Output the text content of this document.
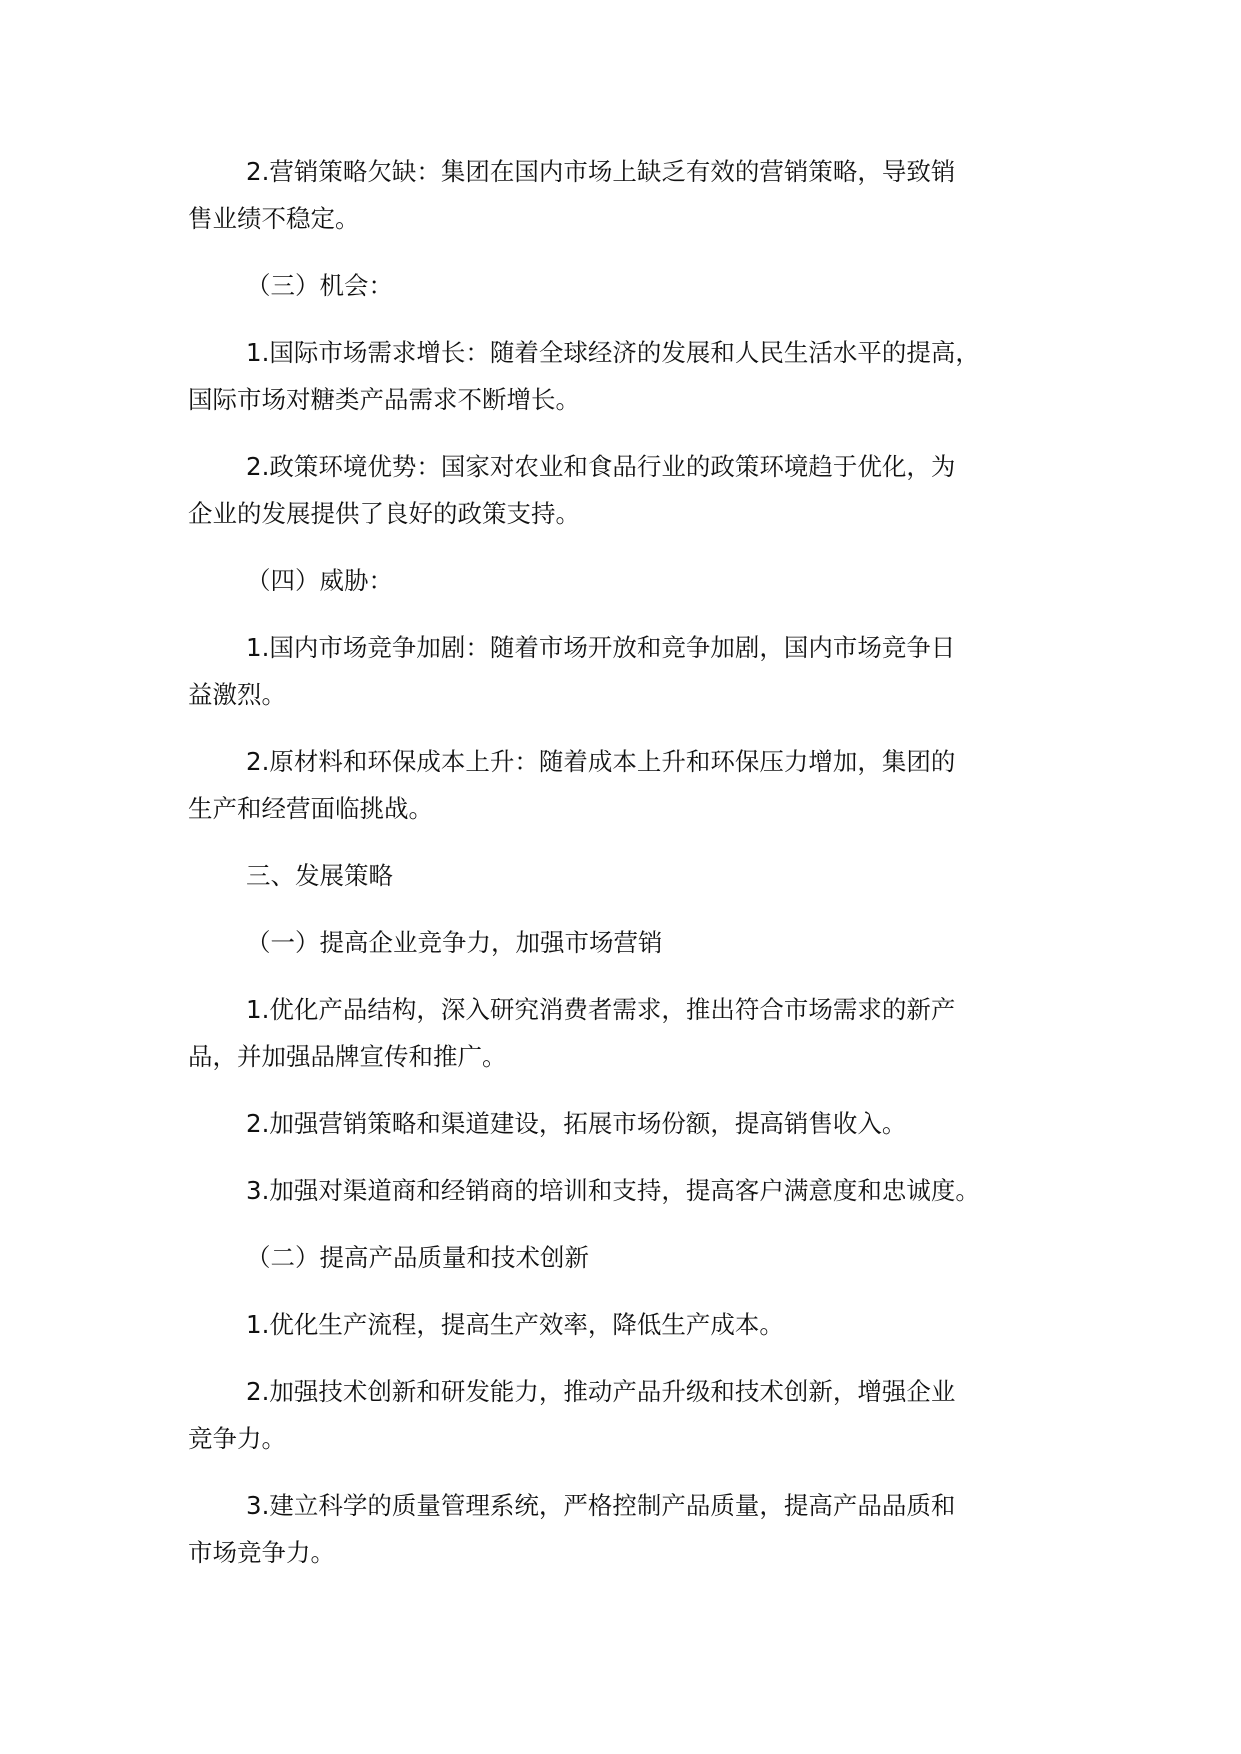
2.营销策略欠缺：集团在国内市场上缺乏有效的营销策略，导致销
售业绩不稳定。

（三）机会：

1.国际市场需求增长：随着全球经济的发展和人民生活水平的提高，
国际市场对糖类产品需求不断增长。

2.政策环境优势：国家对农业和食品行业的政策环境趋于优化，为
企业的发展提供了良好的政策支持。

（四）威胁：

1.国内市场竞争加剧：随着市场开放和竞争加剧，国内市场竞争日
益激烈。

2.原材料和环保成本上升：随着成本上升和环保压力增加，集团的
生产和经营面临挑战。

三、发展策略

（一）提高企业竞争力，加强市场营销

1.优化产品结构，深入研究消费者需求，推出符合市场需求的新产
品，并加强品牌宣传和推广。

2.加强营销策略和渠道建设，拓展市场份额，提高销售收入。

3.加强对渠道商和经销商的培训和支持，提高客户满意度和忠诚度。

（二）提高产品质量和技术创新

1.优化生产流程，提高生产效率，降低生产成本。

2.加强技术创新和研发能力，推动产品升级和技术创新，增强企业
竞争力。

3.建立科学的质量管理系统，严格控制产品质量，提高产品品质和
市场竞争力。
